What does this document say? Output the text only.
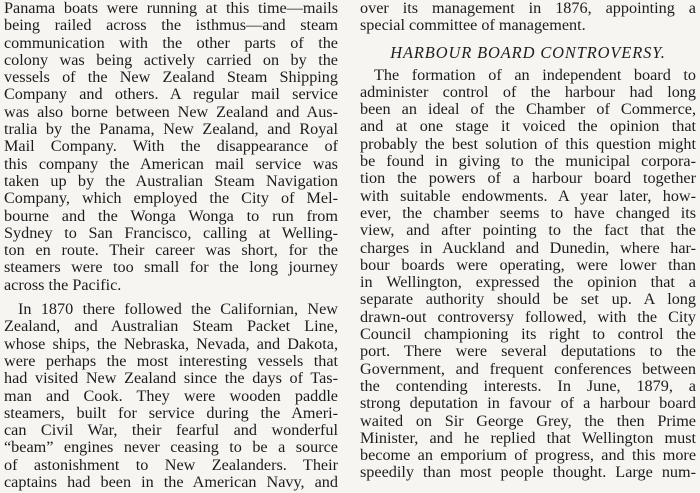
Panama boats were running at this time—mails
being railed across the isthmus—and steam
communication with the other parts of the
colony was being actively carried on by the
vessels of the New Zealand Steam Shipping
Company and others. A regular mail service
was also borne between New Zealand and Aus-
tralia by the Panama, New Zealand, and Royal
Mail Company. With the disappearance of
this company the American mail service was
taken up by the Australian Steam Navigation
Company, which employed the City of Mel-
bourne and the Wonga Wonga to run from
Sydney to San Francisco, calling at Welling-
ton en route. Their career was short, for the
steamers were too small for the long journey
across the Pacific.
In 1870 there followed the Californian, New
Zealand, and Australian Steam Packet Line,
whose ships, the Nebraska, Nevada, and Dakota,
were perhaps the most interesting vessels that
had visited New Zealand since the days of Tas-
man and Cook. They were wooden paddle
steamers, built for service during the Ameri-
can Civil War, their fearful and wonderful
“beam” engines never ceasing to be a source
of astonishment to New Zealanders. Their
captains had been in the American Navy, and
over its management in 1876, appointing a
special committee of management.
HARBOUR BOARD CONTROVERSY.
The formation of an independent board to
administer control of the harbour had long
been an ideal of the Chamber of Commerce,
and at one stage it voiced the opinion that
probably the best solution of this question might
be found in giving to the municipal corpora-
tion the powers of a harbour board together
with suitable endowments. A year later, how-
ever, the chamber seems to have changed its
view, and after pointing to the fact that the
charges in Auckland and Dunedin, where har-
bour boards were operating, were lower than
in Wellington, expressed the opinion that a
separate authority should be set up. A long
drawn-out controversy followed, with the City
Council championing its right to control the
port. There were several deputations to the
Government, and frequent conferences between
the contending interests. In June, 1879, a
strong deputation in favour of a harbour board
waited on Sir George Grey, the then Prime
Minister, and he replied that Wellington must
become an emporium of progress, and this more
speedily than most people thought. Large num-
